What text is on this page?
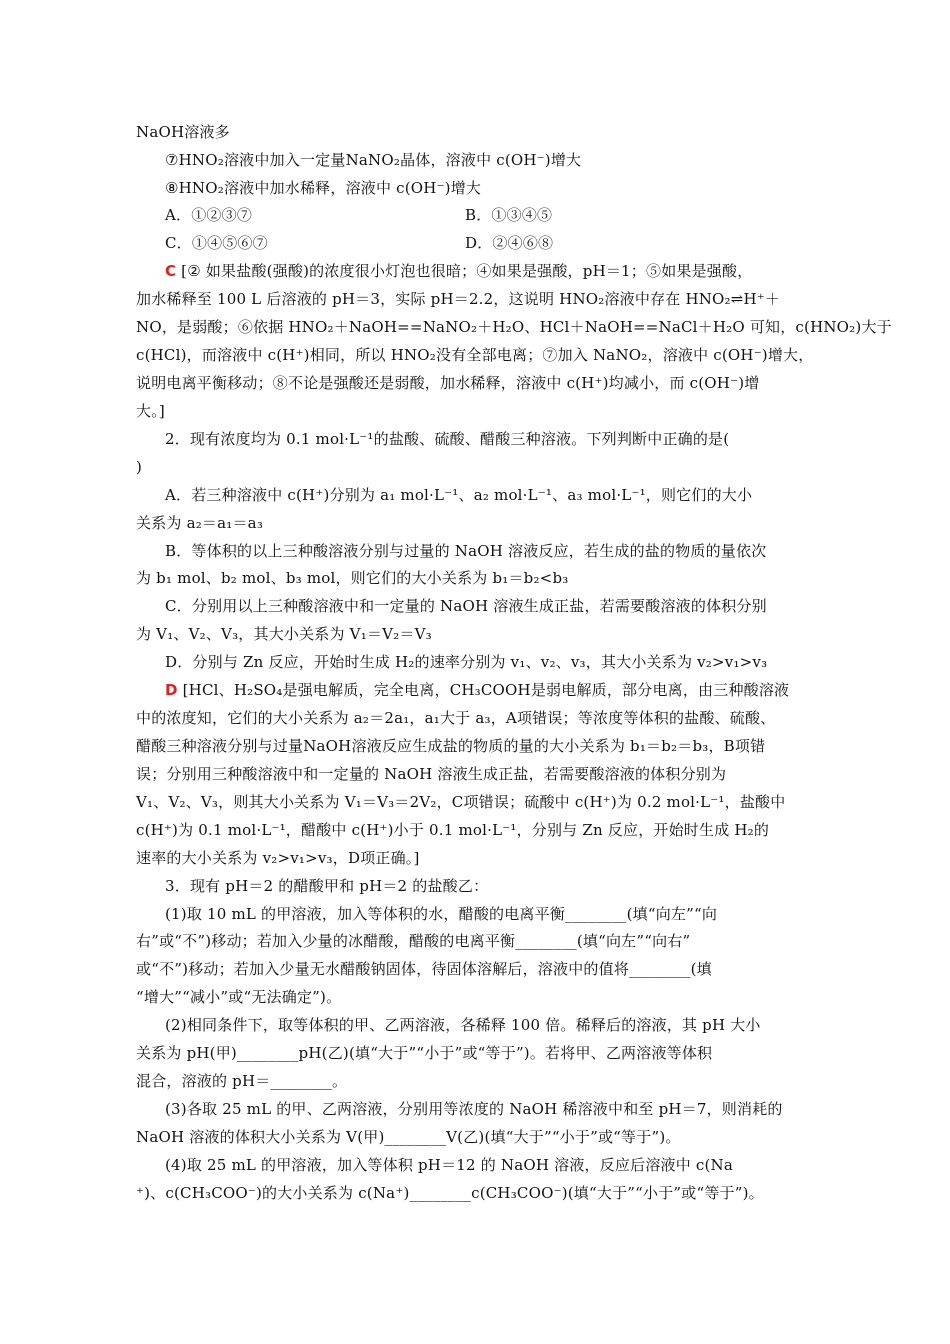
NaOH溶液多
⑦HNO₂溶液中加入一定量NaNO₂晶体，溶液中 c(OH⁻)增大
⑧HNO₂溶液中加水稀释，溶液中 c(OH⁻)增大
A．①②③⑦	B．①③④⑤
C．①④⑤⑥⑦	D．②④⑥⑧
C [② 如果盐酸(强酸)的浓度很小灯泡也很暗；④如果是强酸，pH＝1；⑤如果是强酸，
加水稀释至 100 L 后溶液的 pH＝3，实际 pH＝2.2，这说明 HNO₂溶液中存在 HNO₂⇌H⁺＋
NO，是弱酸；⑥依据 HNO₂＋NaOH==NaNO₂＋H₂O、HCl＋NaOH==NaCl＋H₂O 可知，c(HNO₂)大于
c(HCl)，而溶液中 c(H⁺)相同，所以 HNO₂没有全部电离；⑦加入 NaNO₂，溶液中 c(OH⁻)增大，
说明电离平衡移动；⑧不论是强酸还是弱酸，加水稀释，溶液中 c(H⁺)均减小，而 c(OH⁻)增
大。]
2．现有浓度均为 0.1 mol·L⁻¹的盐酸、硫酸、醋酸三种溶液。下列判断中正确的是(
)
A．若三种溶液中 c(H⁺)分别为 a₁ mol·L⁻¹、a₂ mol·L⁻¹、a₃ mol·L⁻¹，则它们的大小
关系为 a₂＝a₁＝a₃
B．等体积的以上三种酸溶液分别与过量的 NaOH 溶液反应，若生成的盐的物质的量依次
为 b₁ mol、b₂ mol、b₃ mol，则它们的大小关系为 b₁＝b₂<b₃
C．分别用以上三种酸溶液中和一定量的 NaOH 溶液生成正盐，若需要酸溶液的体积分别
为 V₁、V₂、V₃，其大小关系为 V₁＝V₂＝V₃
D．分别与 Zn 反应，开始时生成 H₂的速率分别为 v₁、v₂、v₃，其大小关系为 v₂>v₁>v₃
D [HCl、H₂SO₄是强电解质，完全电离，CH₃COOH是弱电解质，部分电离，由三种酸溶液
中的浓度知，它们的大小关系为 a₂＝2a₁，a₁大于 a₃，A项错误；等浓度等体积的盐酸、硫酸、
醋酸三种溶液分别与过量NaOH溶液反应生成盐的物质的量的大小关系为 b₁＝b₂＝b₃，B项错
误；分别用三种酸溶液中和一定量的 NaOH 溶液生成正盐，若需要酸溶液的体积分别为
V₁、V₂、V₃，则其大小关系为 V₁＝V₃＝2V₂，C项错误；硫酸中 c(H⁺)为 0.2 mol·L⁻¹，盐酸中
c(H⁺)为 0.1 mol·L⁻¹，醋酸中 c(H⁺)小于 0.1 mol·L⁻¹，分别与 Zn 反应，开始时生成 H₂的
速率的大小关系为 v₂>v₁>v₃，D项正确。]
3．现有 pH＝2 的醋酸甲和 pH＝2 的盐酸乙：
(1)取 10 mL 的甲溶液，加入等体积的水，醋酸的电离平衡________(填“向左”“向
右”或“不”)移动；若加入少量的冰醋酸，醋酸的电离平衡________(填“向左”“向右”
或“不”)移动；若加入少量无水醋酸钠固体，待固体溶解后，溶液中的值将________(填
“增大”“减小”或“无法确定”)。
(2)相同条件下，取等体积的甲、乙两溶液，各稀释 100 倍。稀释后的溶液，其 pH 大小
关系为 pH(甲)________pH(乙)(填“大于”“小于”或“等于”)。若将甲、乙两溶液等体积
混合，溶液的 pH＝________。
(3)各取 25 mL 的甲、乙两溶液，分别用等浓度的 NaOH 稀溶液中和至 pH＝7，则消耗的
NaOH 溶液的体积大小关系为 V(甲)________V(乙)(填“大于”“小于”或“等于”)。
(4)取 25 mL 的甲溶液，加入等体积 pH＝12 的 NaOH 溶液，反应后溶液中 c(Na
⁺)、c(CH₃COO⁻)的大小关系为 c(Na⁺)________c(CH₃COO⁻)(填“大于”“小于”或“等于”)。
